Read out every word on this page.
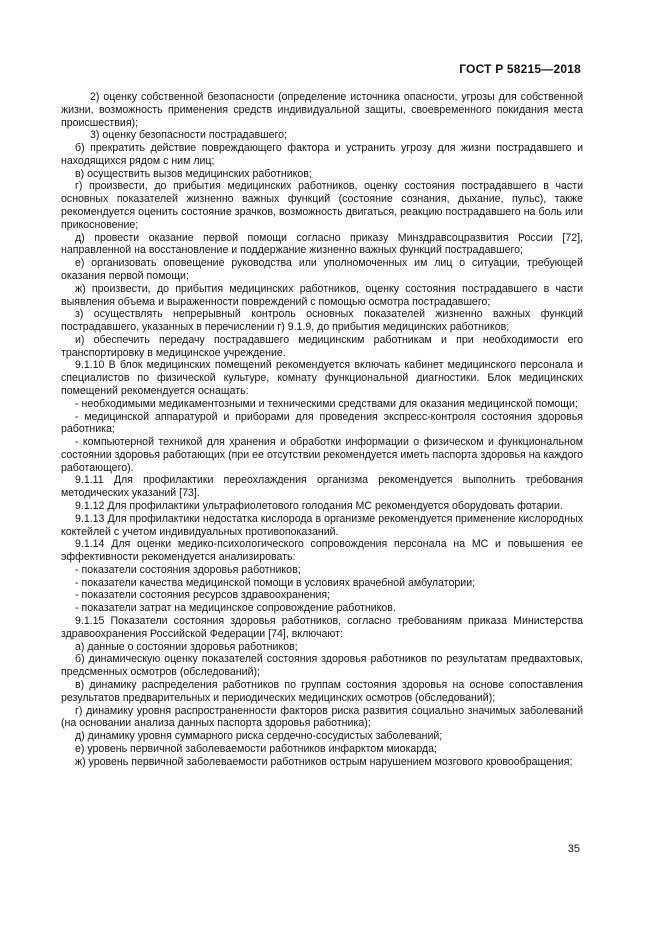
ГОСТ Р 58215—2018

2) оценку собственной безопасности (определение источника опасности, угрозы для собственной жизни, возможность применения средств индивидуальной защиты, своевременного покидания места происшествия);

3) оценку безопасности пострадавшего;

б) прекратить действие повреждающего фактора и устранить угрозу для жизни пострадавшего и находящихся рядом с ним лиц;

в) осуществить вызов медицинских работников;

г) произвести, до прибытия медицинских работников, оценку состояния пострадавшего в части основных показателей жизненно важных функций (состояние сознания, дыхание, пульс), также рекомендуется оценить состояние зрачков, возможность двигаться, реакцию пострадавшего на боль или прикосновение;

д) провести оказание первой помощи согласно приказу Минздравсоцразвития России [72], направленной на восстановление и поддержание жизненно важных функций пострадавшего;

е) организовать оповещение руководства или уполномоченных им лиц о ситуации, требующей оказания первой помощи;

ж) произвести, до прибытия медицинских работников, оценку состояния пострадавшего в части выявления объема и выраженности повреждений с помощью осмотра пострадавшего;

з) осуществлять непрерывный контроль основных показателей жизненно важных функций пострадавшего, указанных в перечислении г) 9.1.9, до прибытия медицинских работников;

и) обеспечить передачу пострадавшего медицинским работникам и при необходимости его транспортировку в медицинское учреждение.

9.1.10 В блок медицинских помещений рекомендуется включать кабинет медицинского персонала и специалистов по физической культуре, комнату функциональной диагностики. Блок медицинских помещений рекомендуется оснащать:

- необходимыми медикаментозными и техническими средствами для оказания медицинской помощи;

- медицинской аппаратурой и приборами для проведения экспресс-контроля состояния здоровья работника;

- компьютерной техникой для хранения и обработки информации о физическом и функциональном состоянии здоровья работающих (при ее отсутствии рекомендуется иметь паспорта здоровья на каждого работающего).

9.1.11 Для профилактики переохлаждения организма рекомендуется выполнить требования методических указаний [73].

9.1.12 Для профилактики ультрафиолетового голодания МС рекомендуется оборудовать фотарии.

9.1.13 Для профилактики недостатка кислорода в организме рекомендуется применение кислородных коктейлей с учетом индивидуальных противопоказаний.

9.1.14 Для оценки медико-психологического сопровождения персонала на МС и повышения ее эффективности рекомендуется анализировать:

- показатели состояния здоровья работников;

- показатели качества медицинской помощи в условиях врачебной амбулатории;

- показатели состояния ресурсов здравоохранения;

- показатели затрат на медицинское сопровождение работников.

9.1.15 Показатели состояния здоровья работников, согласно требованиям приказа Министерства здравоохранения Российской Федерации [74], включают:

а) данные о состоянии здоровья работников;

б) динамическую оценку показателей состояния здоровья работников по результатам предвахтовых, предсменных осмотров (обследований);

в) динамику распределения работников по группам состояния здоровья на основе сопоставления результатов предварительных и периодических медицинских осмотров (обследований);

г) динамику уровня распространенности факторов риска развития социально значимых заболеваний (на основании анализа данных паспорта здоровья работника);

д) динамику уровня суммарного риска сердечно-сосудистых заболеваний;

е) уровень первичной заболеваемости работников инфарктом миокарда;

ж) уровень первичной заболеваемости работников острым нарушением мозгового кровообращения;

35
